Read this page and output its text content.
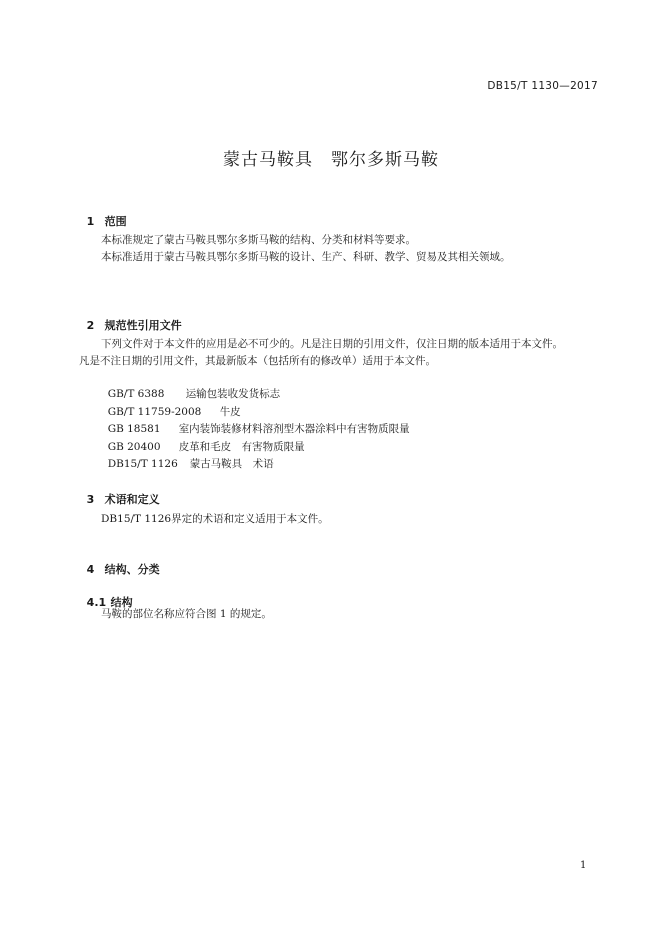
DB15/T 1130—2017
蒙古马鞍具　鄂尔多斯马鞍

1 范围

本标准规定了蒙古马鞍具鄂尔多斯马鞍的结构、分类和材料等要求。
本标准适用于蒙古马鞍具鄂尔多斯马鞍的设计、生产、科研、教学、贸易及其相关领域。

2 规范性引用文件

下列文件对于本文件的应用是必不可少的。凡是注日期的引用文件，仅注日期的版本适用于本文件。
凡是不注日期的引用文件，其最新版本（包括所有的修改单）适用于本文件。

GB/T 6388 运输包装收发货标志

GB/T 11759-2008 牛皮

GB 18581 室内装饰装修材料溶剂型木器涂料中有害物质限量

GB 20400 皮革和毛皮　有害物质限量

DB15/T 1126 蒙古马鞍具　术语

3 术语和定义

DB15/T 1126界定的术语和定义适用于本文件。

4 结构、分类

4.1 结构

马鞍的部位名称应符合图 1 的规定。
1
